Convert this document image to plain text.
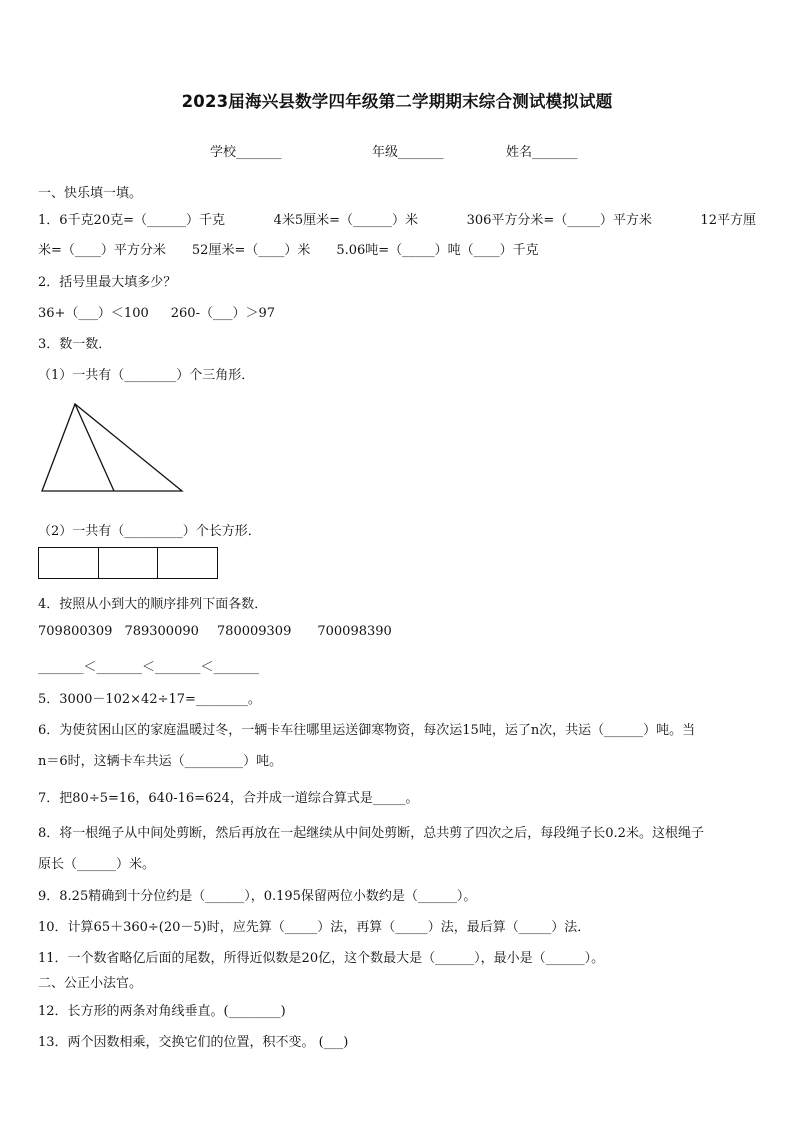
2023届海兴县数学四年级第二学期期末综合测试模拟试题
学校_______	年级_______	姓名_______
一、快乐填一填。
1．6千克20克=（______）千克	4米5厘米=（______）米	306平方分米=（_____）平方米	12平方厘
米=（____）平方分米 52厘米=（____）米 5.06吨=（_____）吨（____）千克
2．括号里最大填多少？
36+（___）＜100 260-（___）＞97
3．数一数．
（1）一共有（________）个三角形．
（2）一共有（_________）个长方形．
4．按照从小到大的顺序排列下面各数．
709800309 789300090 780009309 700098390
_______＜_______＜_______＜_______
5．3000－102×42÷17=________。
6．为使贫困山区的家庭温暖过冬，一辆卡车往哪里运送御寒物资，每次运15吨，运了n次，共运（______）吨。当
n＝6时，这辆卡车共运（_________）吨。
7．把80÷5=16，640-16=624，合并成一道综合算式是_____。
8．将一根绳子从中间处剪断，然后再放在一起继续从中间处剪断，总共剪了四次之后，每段绳子长0.2米。这根绳子
原长（______）米。
9．8.25精确到十分位约是（______），0.195保留两位小数约是（______）。
10．计算65＋360÷(20－5)时，应先算（_____）法，再算（_____）法，最后算（_____）法．
11．一个数省略亿后面的尾数，所得近似数是20亿，这个数最大是（______），最小是（______）。
二、公正小法官。
12．长方形的两条对角线垂直。(________)
13．两个因数相乘，交换它们的位置，积不变。 (___)
